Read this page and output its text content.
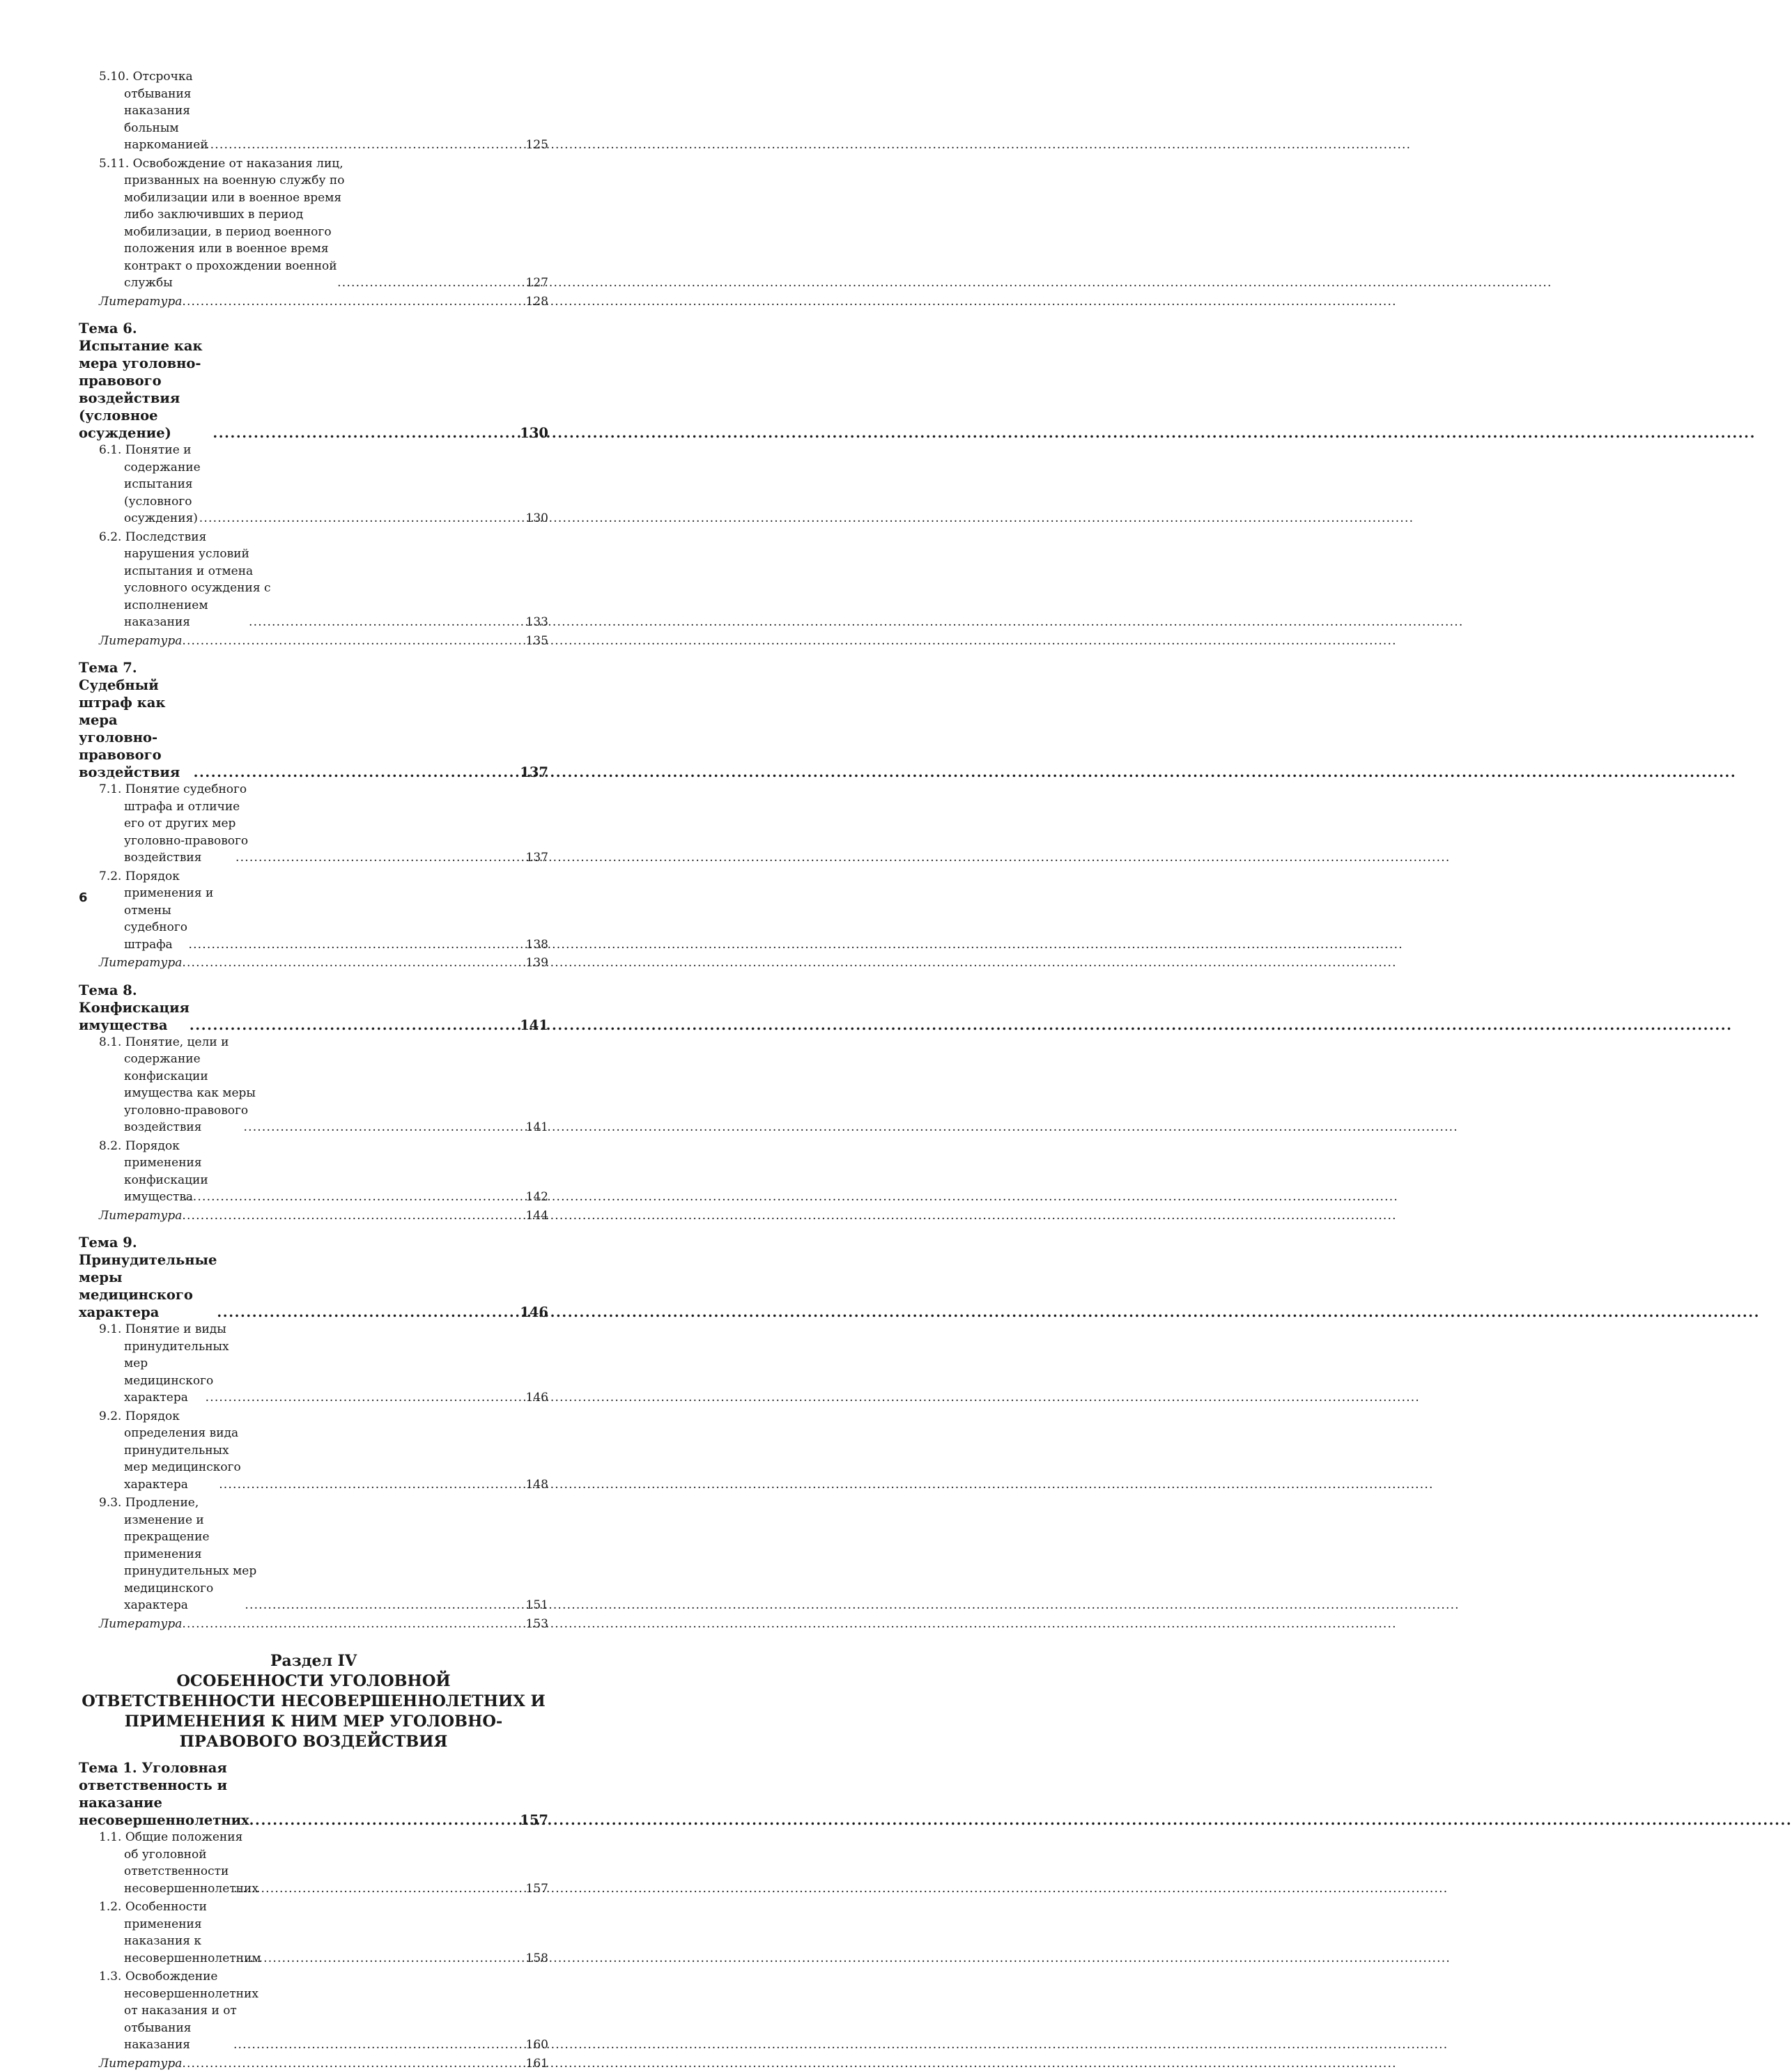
5.10. Отсрочка отбывания наказания больным наркоманией .....	125
5.11. Освобождение от наказания лиц, призванных на военную службу по мобилизации или в военное время либо заключивших в период мобилизации, в период военного положения или в военное время контракт о прохождении военной службы .....	127
Литература .....	128
Тема 6. Испытание как мера уголовно-правового воздействия (условное осуждение) .....	130
6.1. Понятие и содержание испытания (условного осуждения) .....	130
6.2. Последствия нарушения условий испытания и отмена условного осуждения с исполнением наказания .....	133
Литература .....	135
Тема 7. Судебный штраф как мера уголовно-правового воздействия .....	137
7.1. Понятие судебного штрафа и отличие его от других мер уголовно-правового воздействия .....	137
7.2. Порядок применения и отмены судебного штрафа .....	138
Литература .....	139
Тема 8. Конфискация имущества .....	141
8.1. Понятие, цели и содержание конфискации имущества как меры уголовно-правового воздействия .....	141
8.2. Порядок применения конфискации имущества .....	142
Литература .....	144
Тема 9. Принудительные меры медицинского характера .....	146
9.1. Понятие и виды принудительных мер медицинского характера .....	146
9.2. Порядок определения вида принудительных мер медицинского характера .....	148
9.3. Продление, изменение и прекращение применения принудительных мер медицинского характера .....	151
Литература .....	153
Раздел IV
ОСОБЕННОСТИ УГОЛОВНОЙ ОТВЕТСТВЕННОСТИ НЕСОВЕРШЕННОЛЕТНИХ И ПРИМЕНЕНИЯ К НИМ МЕР УГОЛОВНО-ПРАВОВОГО ВОЗДЕЙСТВИЯ
Тема 1. Уголовная ответственность и наказание несовершеннолетних .....	157
1.1. Общие положения об уголовной ответственности несовершеннолетних .....	157
1.2. Особенности применения наказания к несовершеннолетним .....	158
1.3. Освобождение несовершеннолетних от наказания и от отбывания наказания .....	160
Литература .....	161
6
